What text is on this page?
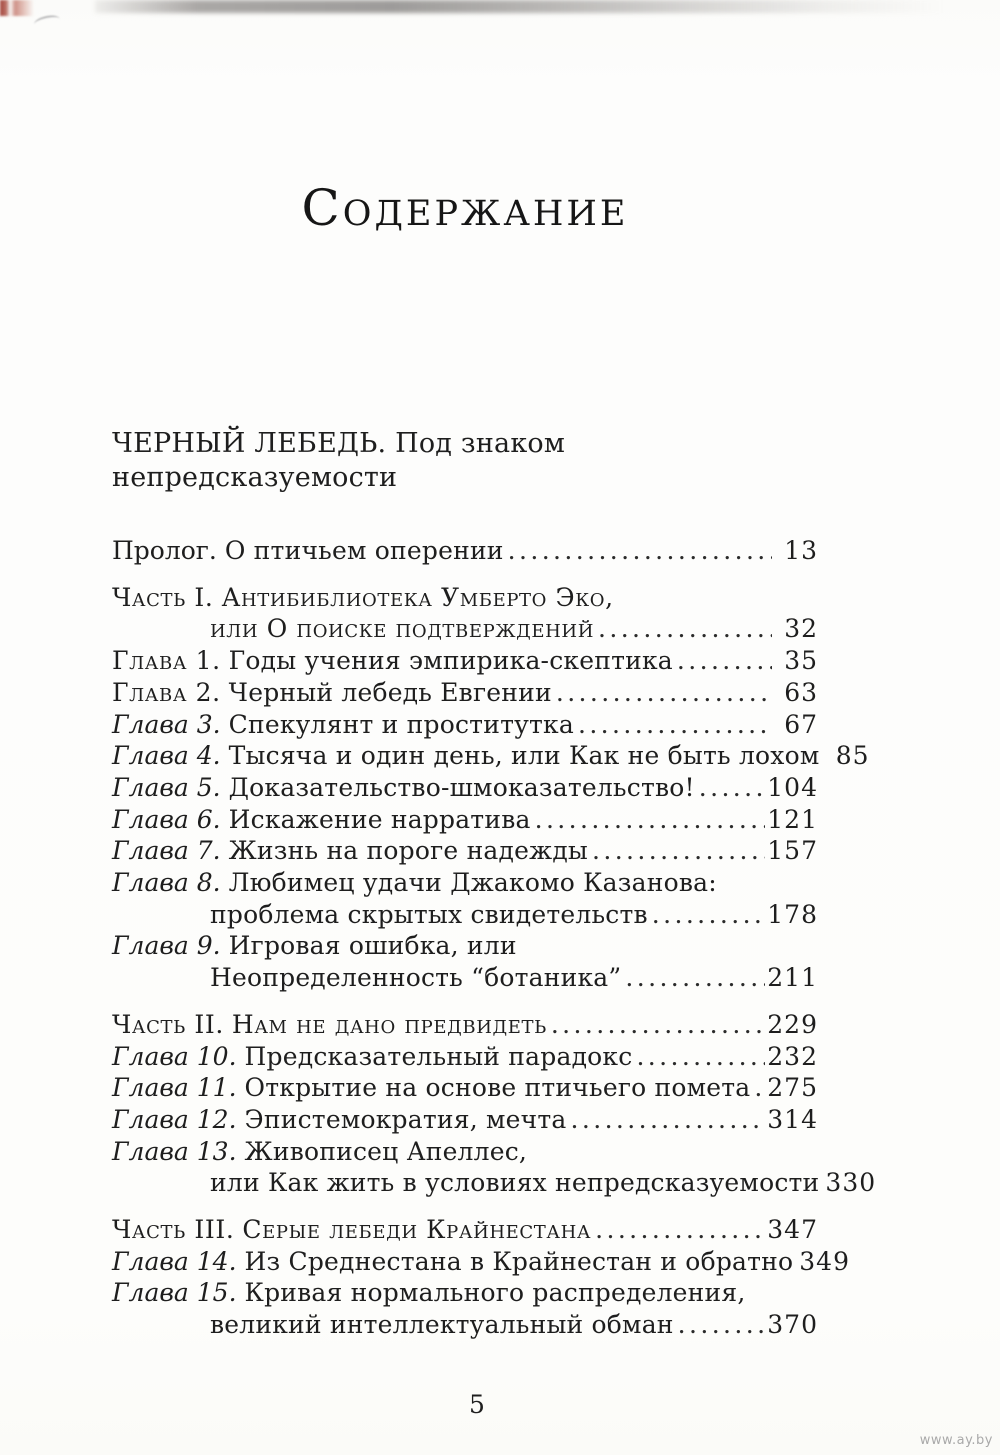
Содержание
ЧЕРНЫЙ ЛЕБЕДЬ. Под знаком непредсказуемости
Пролог. О птичьем оперении .....	13
Часть I. Антибиблиотека Умберто Эко,
или О поиске подтверждений .....	32
Глава 1. Годы учения эмпирика-скептика .....	35
Глава 2. Черный лебедь Евгении .....	63
Глава 3. Спекулянт и проститутка .....	67
Глава 4. Тысяча и один день, или Как не быть лохом 85
Глава 5. Доказательство-шмоказательство! .....	104
Глава 6. Искажение нарратива .....	121
Глава 7. Жизнь на пороге надежды .....	157
Глава 8. Любимец удачи Джакомо Казанова:
проблема скрытых свидетельств .....	178
Глава 9. Игровая ошибка, или
Неопределенность “ботаника” .....	211
Часть II. Нам не дано предвидеть .....	229
Глава 10. Предсказательный парадокс .....	232
Глава 11. Открытие на основе птичьего помета ..... 275
Глава 12. Эпистемократия, мечта .....	314
Глава 13. Живописец Апеллес,
или Как жить в условиях непредсказуемости 330
Часть III. Серые лебеди Крайнестана .....	347
Глава 14. Из Среднестана в Крайнестан и обратно 349
Глава 15. Кривая нормального распределения,
великий интеллектуальный обман .....	370
5
www.ay.by
